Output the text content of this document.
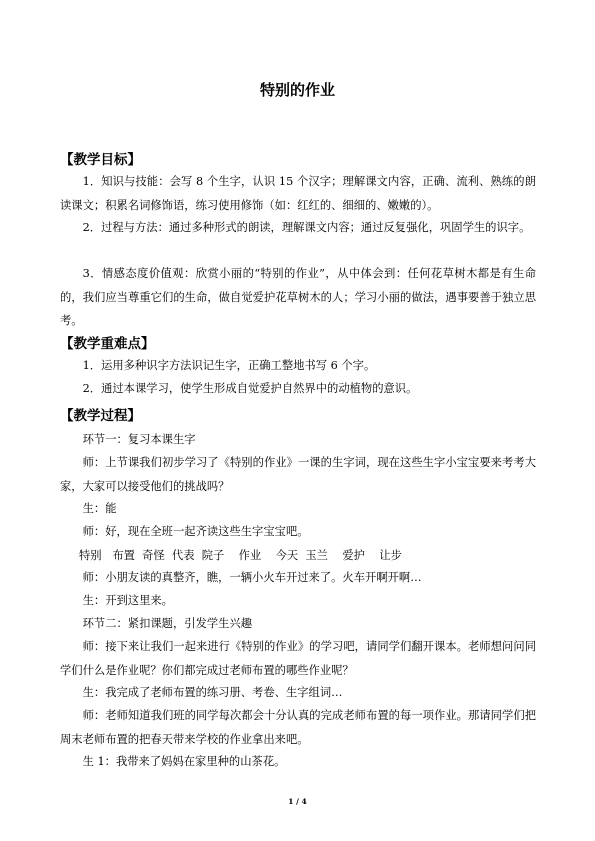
特别的作业
【教学目标】
1．知识与技能：会写 8 个生字，认识 15 个汉字；理解课文内容，正确、流利、熟练的朗读课文；积累名词修饰语，练习使用修饰（如：红红的、细细的、嫩嫩的）。
2．过程与方法：通过多种形式的朗读，理解课文内容；通过反复强化，巩固学生的识字。
3．情感态度价值观：欣赏小丽的“特别的作业”，从中体会到：任何花草树木都是有生命的，我们应当尊重它们的生命，做自觉爱护花草树木的人；学习小丽的做法，遇事要善于独立思考。
【教学重难点】
1．运用多种识字方法识记生字，正确工整地书写 6 个字。
2．通过本课学习，使学生形成自觉爱护自然界中的动植物的意识。
【教学过程】
环节一：复习本课生字
师：上节课我们初步学习了《特别的作业》一课的生字词，现在这些生字小宝宝要来考考大家，大家可以接受他们的挑战吗？
生：能
师：好，现在全班一起齐读这些生字宝宝吧。
特别   布置  奇怪  代表  院子    作业    今天  玉兰    爱护    让步
师：小朋友读的真整齐，瞧，一辆小火车开过来了。火车开啊开啊…
生：开到这里来。
环节二：紧扣课题，引发学生兴趣
师：接下来让我们一起来进行《特别的作业》的学习吧，请同学们翻开课本。老师想问问同学们什么是作业呢？你们都完成过老师布置的哪些作业呢？
生：我完成了老师布置的练习册、考卷、生字组词…
师：老师知道我们班的同学每次都会十分认真的完成老师布置的每一项作业。那请同学们把周末老师布置的把春天带来学校的作业拿出来吧。
生 1：我带来了妈妈在家里种的山茶花。
1 / 4
